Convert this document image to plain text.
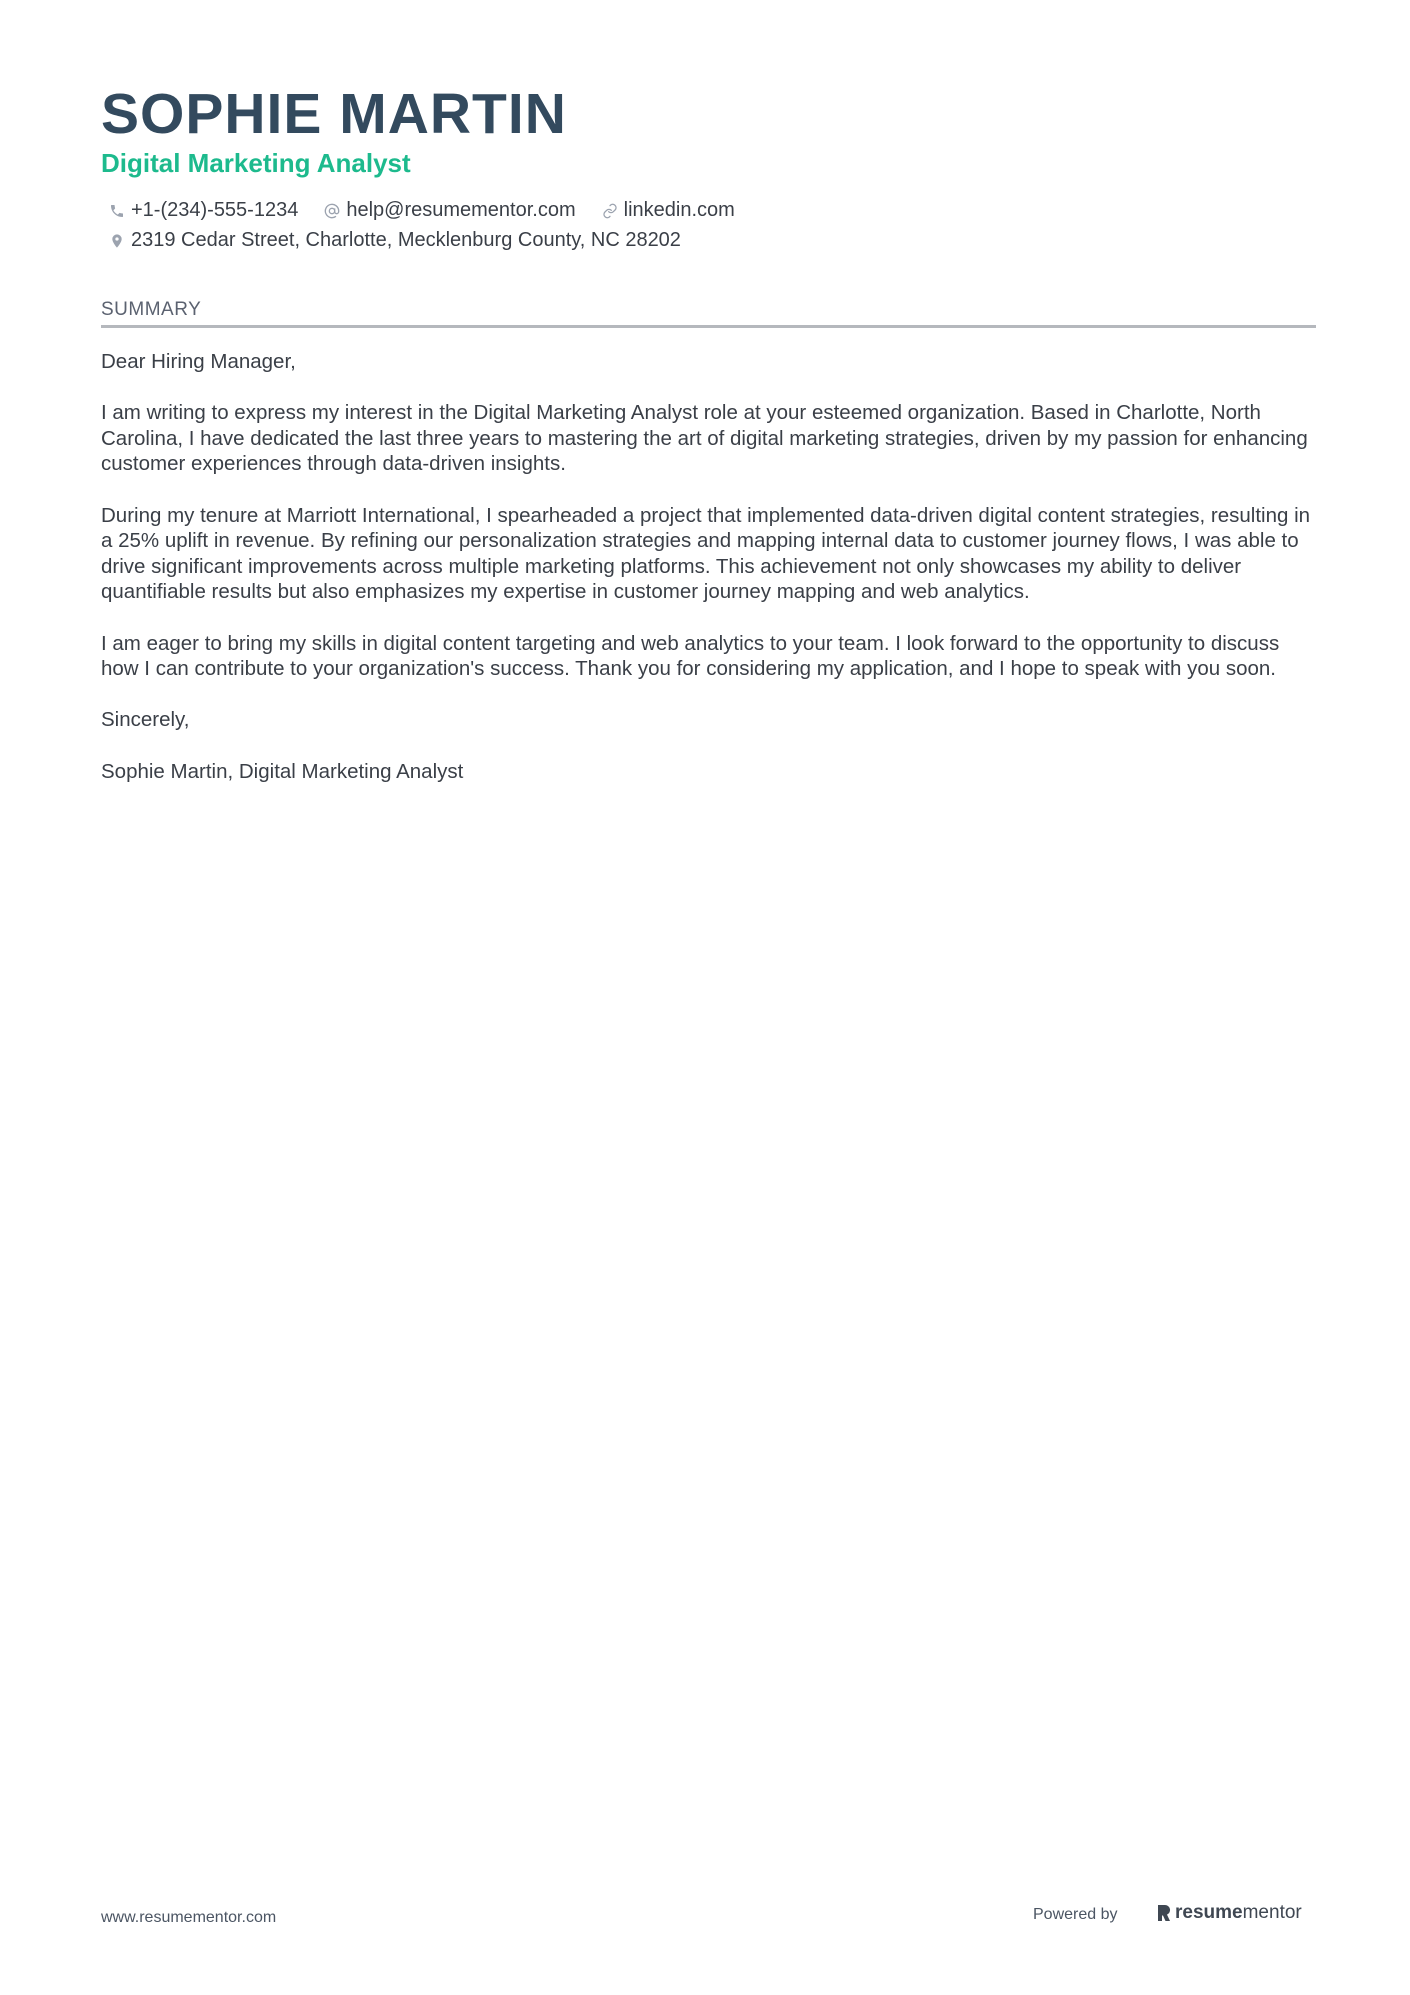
SOPHIE MARTIN
Digital Marketing Analyst
+1-(234)-555-1234 help@resumementor.com linkedin.com
2319 Cedar Street, Charlotte, Mecklenburg County, NC 28202
SUMMARY

Dear Hiring Manager,

I am writing to express my interest in the Digital Marketing Analyst role at your esteemed organization. Based in Charlotte, North Carolina, I have dedicated the last three years to mastering the art of digital marketing strategies, driven by my passion for enhancing customer experiences through data-driven insights.

During my tenure at Marriott International, I spearheaded a project that implemented data-driven digital content strategies, resulting in a 25% uplift in revenue. By refining our personalization strategies and mapping internal data to customer journey flows, I was able to drive significant improvements across multiple marketing platforms. This achievement not only showcases my ability to deliver quantifiable results but also emphasizes my expertise in customer journey mapping and web analytics.

I am eager to bring my skills in digital content targeting and web analytics to your team. I look forward to the opportunity to discuss how I can contribute to your organization's success. Thank you for considering my application, and I hope to speak with you soon.

Sincerely,

Sophie Martin, Digital Marketing Analyst

www.resumementor.com	Powered by	resume mentor
